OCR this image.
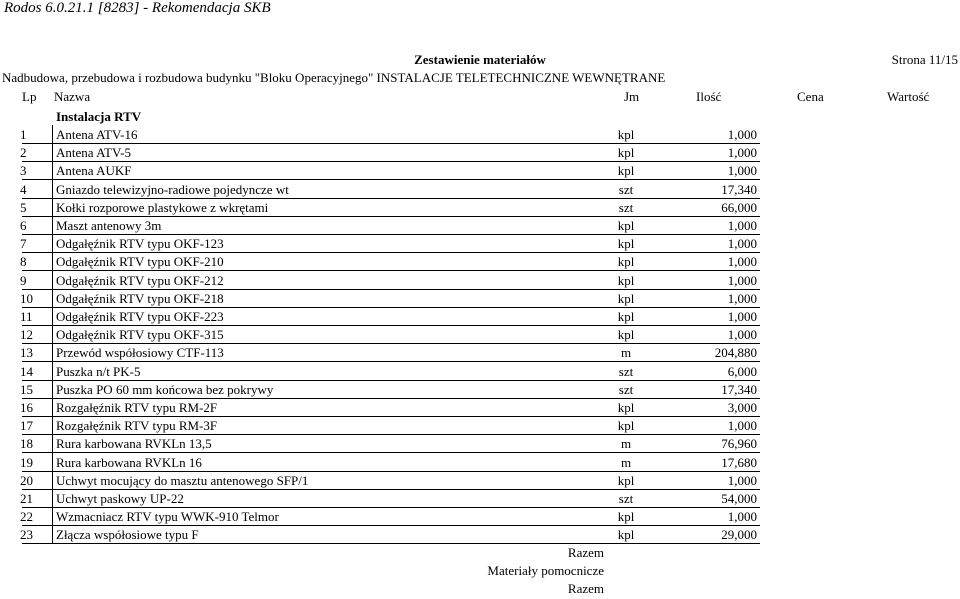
Rodos 6.0.21.1 [8283] - Rekomendacja SKB
Zestawienie materiałów	Strona 11/15
Nadbudowa, przebudowa i rozbudowa budynku "Bloku Operacyjnego" INSTALACJE TELETECHNICZNE WEWNĘTRANE
Lp Nazwa	Jm	Ilość	Cena	Wartość
Instalacja RTV
1	Antena ATV-16	kpl	1,000
2	Antena ATV-5	kpl	1,000
3	Antena AUKF	kpl	1,000
4	Gniazdo telewizyjno-radiowe pojedyncze wt	szt	17,340
5	Kołki rozporowe plastykowe z wkrętami	szt	66,000
6	Maszt antenowy 3m	kpl	1,000
7	Odgałęźnik RTV typu OKF-123	kpl	1,000
8	Odgałęźnik RTV typu OKF-210	kpl	1,000
9	Odgałęźnik RTV typu OKF-212	kpl	1,000
10	Odgałęźnik RTV typu OKF-218	kpl	1,000
11	Odgałęźnik RTV typu OKF-223	kpl	1,000
12	Odgałęźnik RTV typu OKF-315	kpl	1,000
13	Przewód współosiowy CTF-113	m	204,880
14	Puszka n/t PK-5	szt	6,000
15	Puszka PO 60 mm końcowa bez pokrywy	szt	17,340
16	Rozgałęźnik RTV typu RM-2F	kpl	3,000
17	Rozgałęźnik RTV typu RM-3F	kpl	1,000
18	Rura karbowana RVKLn 13,5	m	76,960
19	Rura karbowana RVKLn 16	m	17,680
20	Uchwyt mocujący do masztu antenowego SFP/1	kpl	1,000
21	Uchwyt paskowy UP-22	szt	54,000
22	Wzmacniacz RTV typu WWK-910 Telmor	kpl	1,000
23	Złącza współosiowe typu F	kpl	29,000
Razem
Materiały pomocnicze
Razem
